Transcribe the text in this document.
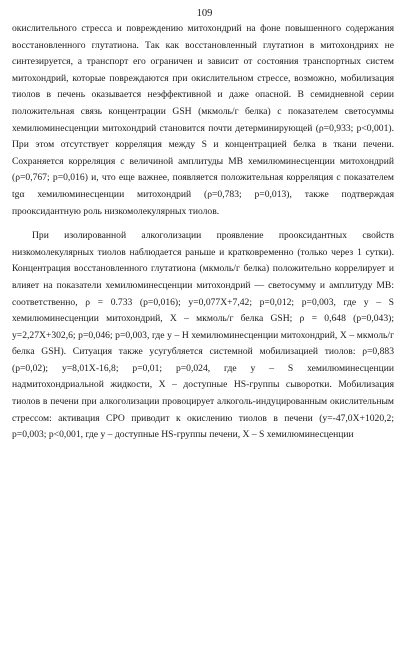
109

окислительного стресса и повреждению митохондрий на фоне повышенного содержания восстановленного глутатиона. Так как восстановленный глутатион в митохондриях не синтезируется, а транспорт его ограничен и зависит от состояния транспортных систем митохондрий, которые повреждаются при окислительном стрессе, возможно, мобилизация тиолов в печень оказывается неэффективной и даже опасной. В семидневной серии положительная связь концентрации GSH (мкмоль/г белка) с показателем светосуммы хемилюминесценции митохондрий становится почти детерминирующей (ρ=0,933; p<0,001). При этом отсутствует корреляция между S и концентрацией белка в ткани печени. Сохраняется корреляция с величиной амплитуды МВ хемилюминесценции митохондрий (ρ=0,767; p=0,016) и, что еще важнее, появляется положительная корреляция с показателем tgα хемилюминесценции митохондрий (ρ=0,783; p=0,013), также подтверждая прооксидантную роль низкомолекулярных тиолов.

При изолированной алкоголизации проявление прооксидантных свойств низкомолекулярных тиолов наблюдается раньше и кратковременно (только через 1 сутки). Концентрация восстановленного глутатиона (мкмоль/г белка) положительно коррелирует и влияет на показатели хемилюминесценции митохондрий — светосумму и амплитуду МВ: соответственно, ρ = 0.733 (p=0,016); y=0,077X+7,42; p=0,012; p=0,003, где y – S хемилюминесценции митохондрий, X – мкмоль/г белка GSH; ρ = 0,648 (p=0,043); y=2,27X+302,6; p=0,046; p=0,003, где y – H хемилюминесценции митохондрий, X – мкмоль/г белка GSH). Ситуация также усугубляется системной мобилизацией тиолов: ρ=0,883 (p=0,02); y=8,01X-16,8; p=0,01; p=0,024, где y – S хемилюминесценции надмитохондриальной жидкости, X – доступные HS-группы сыворотки. Мобилизация тиолов в печени при алкоголизации провоцирует алкоголь-индуцированным окислительным стрессом: активация СРО приводит к окислению тиолов в печени (y=-47,0X+1020,2; p=0,003; p<0,001, где y – доступные HS-группы печени, X – S хемилюминесценции
